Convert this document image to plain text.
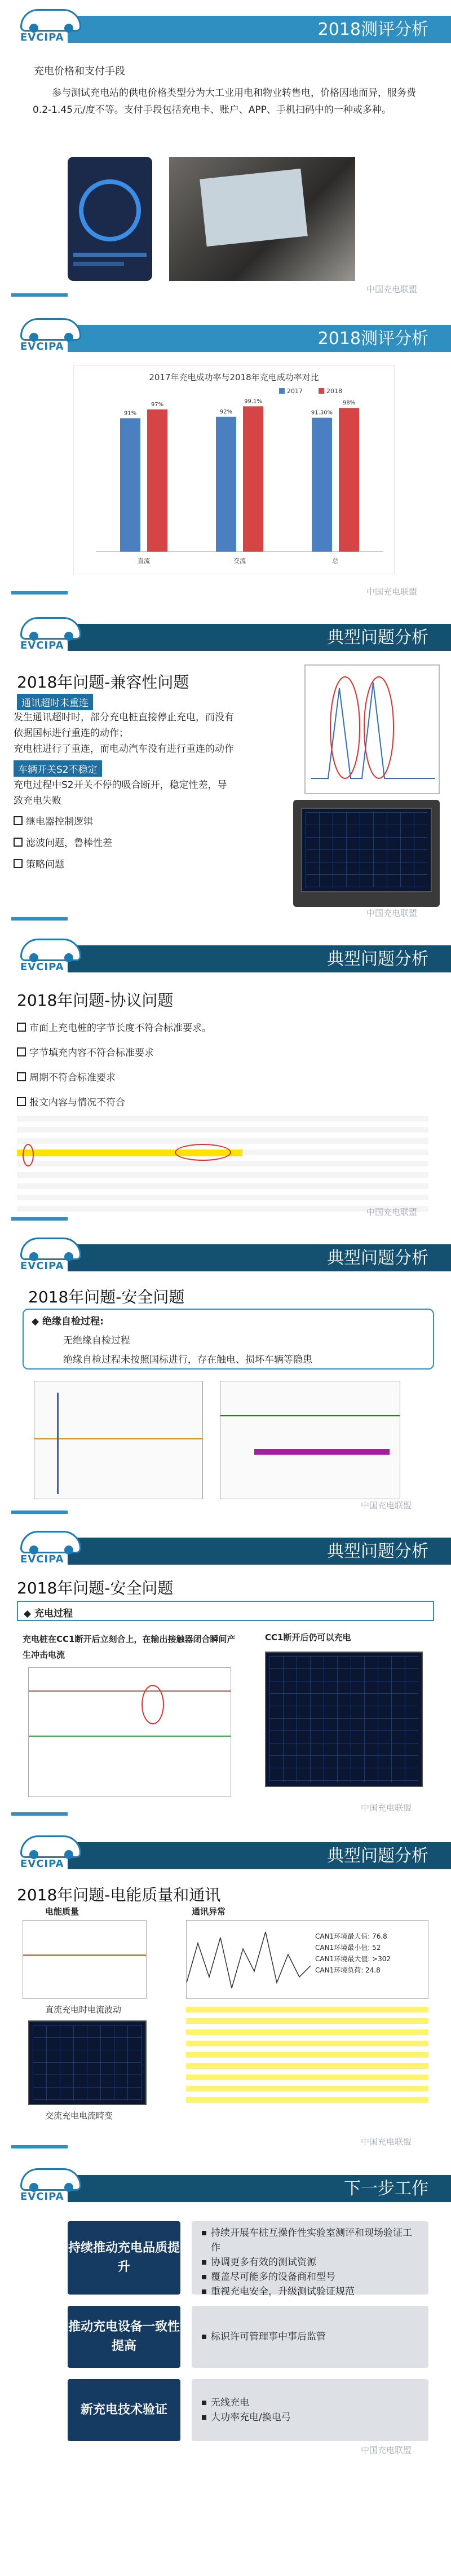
2018测评分析
EVCIPA
充电价格和支付手段
参与测试充电站的供电价格类型分为大工业用电和物业转售电，价格因地而异，服务费0.2-1.45元/度不等。支付手段包括充电卡、账户、APP、手机扫码中的一种或多种。
中国充电联盟
2018测评分析
EVCIPA
2017年充电成功率与2018年充电成功率对比
2017	2018
91%
97%
直流
92%
99.1%
交流
91.30%
98%
总
中国充电联盟
典型问题分析
EVCIPA
2018年问题-兼容性问题
通讯超时未重连
发生通讯超时时，部分充电桩直接停止充电，而没有
依据国标进行重连的动作；
充电桩进行了重连，而电动汽车没有进行重连的动作
车辆开关S2不稳定
充电过程中S2开关不停的吸合断开，稳定性差，导
致充电失败
继电器控制逻辑
滤波问题，鲁棒性差
策略问题
中国充电联盟
典型问题分析
EVCIPA
2018年问题-协议问题
市面上充电桩的字节长度不符合标准要求。
字节填充内容不符合标准要求
周期不符合标准要求
报文内容与情况不符合
中国充电联盟
典型问题分析
EVCIPA
2018年问题-安全问题
◆ 绝缘自检过程:
无绝缘自检过程
绝缘自检过程未按照国标进行，存在触电、损坏车辆等隐患
中国充电联盟
典型问题分析
EVCIPA
2018年问题-安全问题
◆ 充电过程
充电桩在CC1断开后立刻合上，在输出接触器闭合瞬间产生冲击电流
CC1断开后仍可以充电
中国充电联盟
典型问题分析
EVCIPA
2018年问题-电能质量和通讯
电能质量	通讯异常
直流充电时电流波动
交流充电电流畸变
CAN1环境最大值: 76.8
CAN1环境最小值: 52
CAN1环境最大值: >302
CAN1环境负荷: 24.8
中国充电联盟
下一步工作
EVCIPA
持续推动充电品质提升
持续开展车桩互操作性实验室测评和现场验证工作
协调更多有效的测试资源
覆盖尽可能多的设备商和型号
重视充电安全，升级测试验证规范
推动充电设备一致性提高
标识许可管理事中事后监管
新充电技术验证	无线充电
大功率充电/换电弓
中国充电联盟
